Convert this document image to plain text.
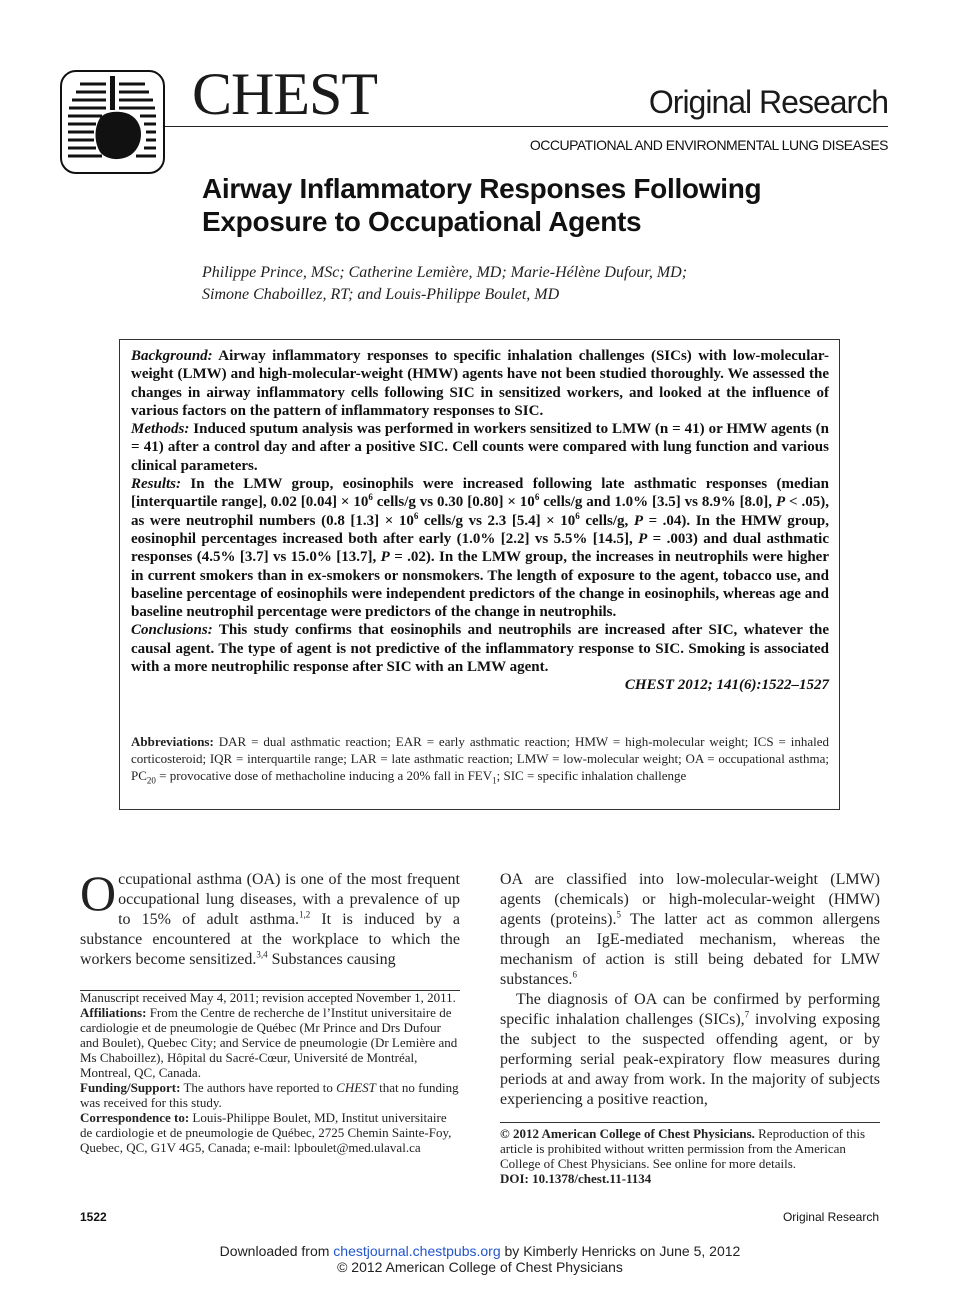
CHEST	Original Research
OCCUPATIONAL AND ENVIRONMENTAL LUNG DISEASES
Airway Inflammatory Responses Following Exposure to Occupational Agents
Philippe Prince, MSc; Catherine Lemière, MD; Marie-Hélène Dufour, MD;
Simone Chaboillez, RT; and Louis-Philippe Boulet, MD

Background: Airway inflammatory responses to specific inhalation challenges (SICs) with low-molecular-weight (LMW) and high-molecular-weight (HMW) agents have not been studied thoroughly. We assessed the changes in airway inflammatory cells following SIC in sensitized workers, and looked at the influence of various factors on the pattern of inflammatory responses to SIC.

Methods: Induced sputum analysis was performed in workers sensitized to LMW (n = 41) or HMW agents (n = 41) after a control day and after a positive SIC. Cell counts were compared with lung function and various clinical parameters.

Results: In the LMW group, eosinophils were increased following late asthmatic responses (median [interquartile range], 0.02 $[0.04] \times 10^6$ cells/g vs 0.30 $[0.80] \times 10^6$ cells/g and 1.0% [3.5] vs 8.9% [8.0], P < .05), as were neutrophil numbers (0.8 $[1.3] \times 10^6$ cells/g vs 2.3 $[5.4] \times 10^6$ cells/g, P = .04). In the HMW group, eosinophil percentages increased both after early (1.0% [2.2] vs 5.5% [14.5], P = .003) and dual asthmatic responses (4.5% [3.7] vs 15.0% [13.7], P = .02). In the LMW group, the increases in neutrophils were higher in current smokers than in ex-smokers or nonsmokers. The length of exposure to the agent, tobacco use, and baseline percentage of eosinophils were independent predictors of the change in eosinophils, whereas age and baseline neutrophil percentage were predictors of the change in neutrophils.

Conclusions: This study confirms that eosinophils and neutrophils are increased after SIC, whatever the causal agent. The type of agent is not predictive of the inflammatory response to SIC. Smoking is associated with a more neutrophilic response after SIC with an LMW agent.

CHEST 2012; 141(6):1522–1527

Abbreviations: DAR = dual asthmatic reaction; EAR = early asthmatic reaction; HMW = high-molecular weight; ICS = inhaled corticosteroid; IQR = interquartile range; LAR = late asthmatic reaction; LMW = low-molecular weight; OA = occupational asthma; $PC_{20}$ = provocative dose of methacholine inducing a 20% fall in $FEV_1$; SIC = specific inhalation challenge
Occupational asthma (OA) is one of the most frequent occupational lung diseases, with a prevalence of up to 15% of adult asthma.$^{1,2}$ It is induced by a substance encountered at the workplace to which the workers become sensitized.$^{3,4}$ Substances causing

Manuscript received May 4, 2011; revision accepted November 1, 2011.

Affiliations: From the Centre de recherche de l’Institut universitaire de cardiologie et de pneumologie de Québec (Mr Prince and Drs Dufour and Boulet), Quebec City; and Service de pneumologie (Dr Lemière and Ms Chaboillez), Hôpital du Sacré-Cœur, Université de Montréal, Montreal, QC, Canada.

Funding/Support: The authors have reported to CHEST that no funding was received for this study.

Correspondence to: Louis-Philippe Boulet, MD, Institut universitaire de cardiologie et de pneumologie de Québec, 2725 Chemin Sainte-Foy, Quebec, QC, G1V 4G5, Canada; e-mail: lpboulet@med.ulaval.ca

OA are classified into low-molecular-weight (LMW) agents (chemicals) or high-molecular-weight (HMW) agents (proteins).$^5$ The latter act as common allergens through an IgE-mediated mechanism, whereas the mechanism of action is still being debated for LMW substances.$^6$

The diagnosis of OA can be confirmed by performing specific inhalation challenges (SICs),$^7$ involving exposing the subject to the suspected offending agent, or by performing serial peak-expiratory flow measures during periods at and away from work. In the majority of subjects experiencing a positive reaction,

© 2012 American College of Chest Physicians. Reproduction of this article is prohibited without written permission from the American College of Chest Physicians. See online for more details.

DOI: 10.1378/chest.11-1134

1522	Original Research
Downloaded from chestjournal.chestpubs.org by Kimberly Henricks on June 5, 2012
© 2012 American College of Chest Physicians
